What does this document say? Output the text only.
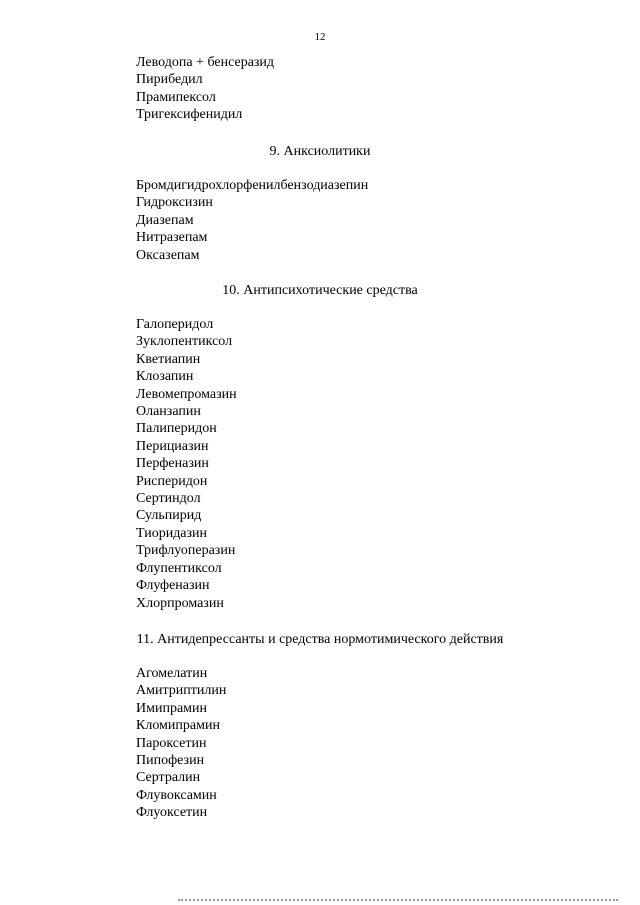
12
Леводопа + бенсеразид
Пирибедил
Прамипексол
Тригексифенидил
9. Анксиолитики
Бромдигидрохлорфенилбензодиазепин
Гидроксизин
Диазепам
Нитразепам
Оксазепам
10. Антипсихотические средства
Галоперидол
Зуклопентиксол
Кветиапин
Клозапин
Левомепромазин
Оланзапин
Палиперидон
Перициазин
Перфеназин
Рисперидон
Сертиндол
Сульпирид
Тиоридазин
Трифлуоперазин
Флупентиксол
Флуфеназин
Хлорпромазин
11. Антидепрессанты и средства нормотимического действия
Агомелатин
Амитриптилин
Имипрамин
Кломипрамин
Пароксетин
Пипофезин
Сертралин
Флувоксамин
Флуоксетин
